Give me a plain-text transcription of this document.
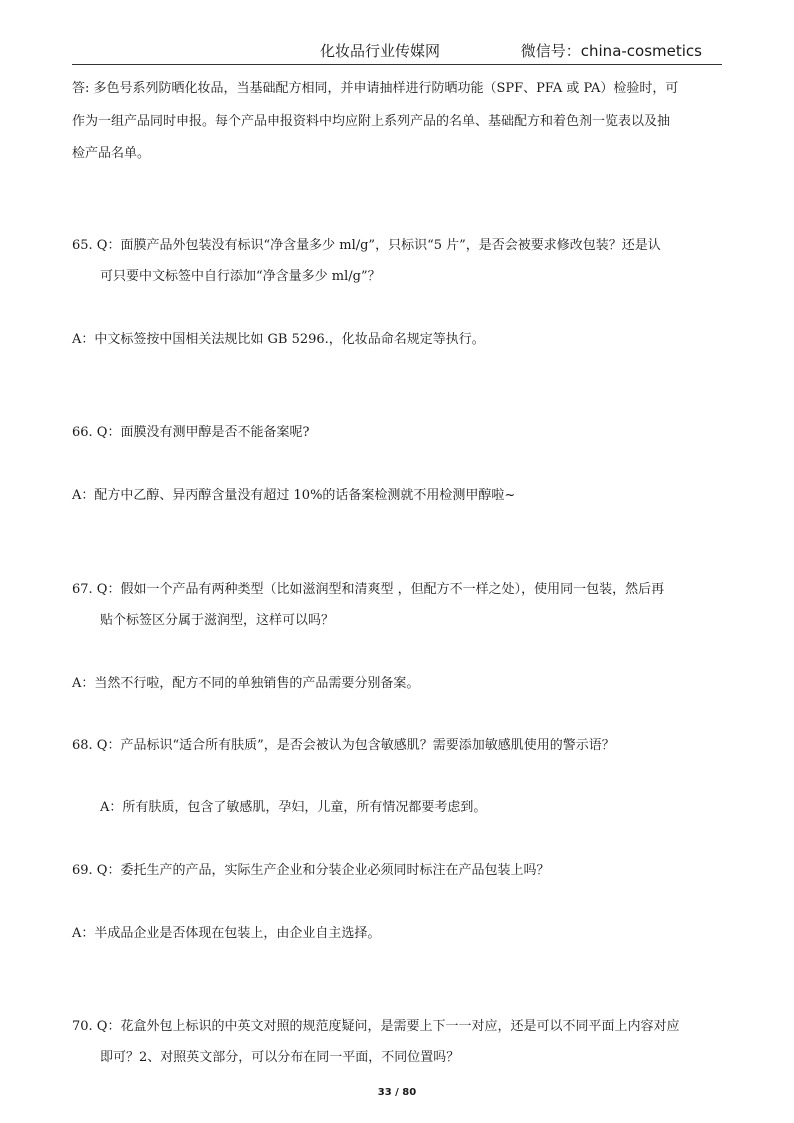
化妆品行业传媒网	微信号：china-cosmetics
答: 多色号系列防晒化妆品，当基础配方相同，并申请抽样进行防晒功能（SPF、PFA 或 PA）检验时，可
作为一组产品同时申报。每个产品申报资料中均应附上系列产品的名单、基础配方和着色剂一览表以及抽
检产品名单。
65. Q：面膜产品外包装没有标识“净含量多少 ml/g”，只标识“5 片”，是否会被要求修改包装？还是认
可只要中文标签中自行添加“净含量多少 ml/g”？
A：中文标签按中国相关法规比如 GB 5296.，化妆品命名规定等执行。
66. Q：面膜没有测甲醇是否不能备案呢?
A：配方中乙醇、异丙醇含量没有超过 10%的话备案检测就不用检测甲醇啦~
67. Q：假如一个产品有两种类型（比如滋润型和清爽型 ，但配方不一样之处），使用同一包装，然后再
贴个标签区分属于滋润型，这样可以吗？
A：当然不行啦，配方不同的单独销售的产品需要分别备案。
68. Q：产品标识“适合所有肤质”，是否会被认为包含敏感肌？需要添加敏感肌使用的警示语？
A：所有肤质，包含了敏感肌，孕妇，儿童，所有情况都要考虑到。
69. Q：委托生产的产品，实际生产企业和分装企业必须同时标注在产品包装上吗？
A：半成品企业是否体现在包装上，由企业自主选择。
70. Q：花盒外包上标识的中英文对照的规范度疑问，是需要上下一一对应，还是可以不同平面上内容对应
即可？2、对照英文部分，可以分布在同一平面，不同位置吗？
33 / 80
